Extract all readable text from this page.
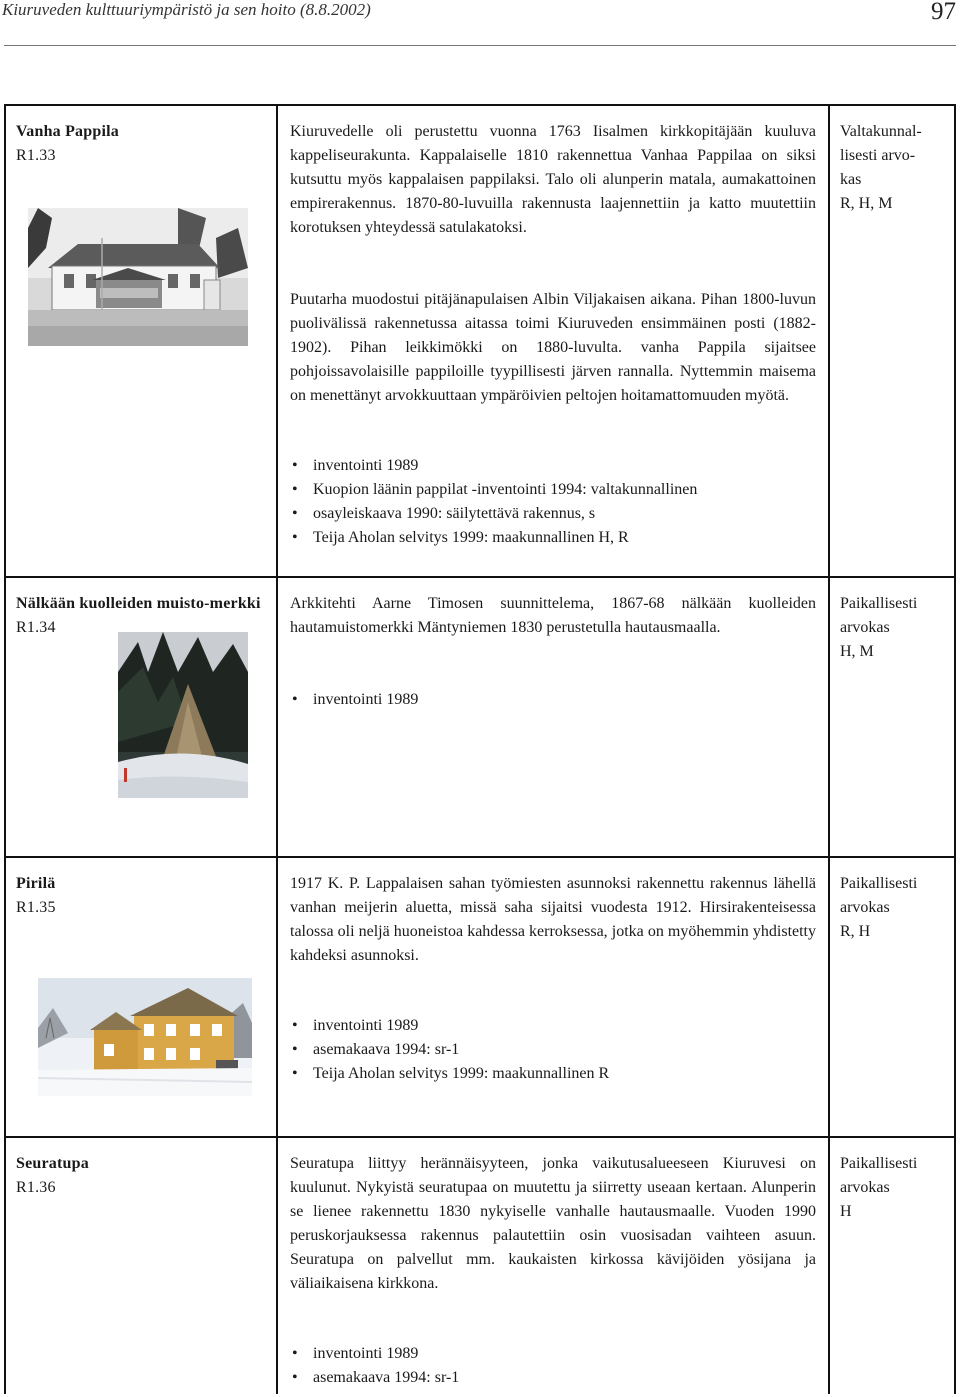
Kiuruveden kulttuuriympäristö ja sen hoito (8.8.2002)	97
Vanha Pappila
R1.33
Kiuruvedelle oli perustettu vuonna 1763 Iisalmen kirkkopitäjään kuuluva kappeliseurakunta. Kappalaiselle 1810 rakennettua Vanhaa Pappilaa on siksi kutsuttu myös kappalaisen pappilaksi. Talo oli alunperin matala, aumakattoinen empirerakennus. 1870-80-luvuilla rakennusta laajennettiin ja katto muutettiin korotuksen yhteydessä satulakatoksi.
Puutarha muodostui pitäjänapulaisen Albin Viljakaisen aikana. Pihan 1800-luvun puolivälissä rakennetussa aitassa toimi Kiuruveden ensimmäinen posti (1882-1902). Pihan leikkimökki on 1880-luvulta. vanha Pappila sijaitsee pohjoissavolaisille pappiloille tyypillisesti järven rannalla. Nyttemmin maisema on menettänyt arvokkuuttaan ympäröivien peltojen hoitamattomuuden myötä.
• inventointi 1989
• Kuopion läänin pappilat -inventointi 1994: valtakunnallinen
• osayleiskaava 1990: säilytettävä rakennus, s
• Teija Aholan selvitys 1999: maakunnallinen H, R
Valtakunnal-
lisesti arvo-
kas
R, H, M
Nälkään kuolleiden muisto-merkki
R1.34
Arkkitehti Aarne Timosen suunnittelema, 1867-68 nälkään kuolleiden hautamuistomerkki Mäntyniemen 1830 perustetulla hautausmaalla.
• inventointi 1989
Paikallisesti
arvokas
H, M
Pirilä
R1.35
1917 K. P. Lappalaisen sahan työmiesten asunnoksi rakennettu rakennus lähellä vanhan meijerin aluetta, missä saha sijaitsi vuodesta 1912. Hirsirakenteisessa talossa oli neljä huoneistoa kahdessa kerroksessa, jotka on myöhemmin yhdistetty kahdeksi asunnoksi.
• inventointi 1989
• asemakaava 1994: sr-1
• Teija Aholan selvitys 1999: maakunnallinen R
Paikallisesti
arvokas
R, H
Seuratupa
R1.36
Seuratupa liittyy herännäisyyteen, jonka vaikutusalueeseen Kiuruvesi on kuulunut. Nykyistä seuratupaa on muutettu ja siirretty useaan kertaan. Alunperin se lienee rakennettu 1830 nykyiselle vanhalle hautausmaalle. Vuoden 1990 peruskorjauksessa rakennus palautettiin osin vuosisadan vaihteen asuun. Seuratupa on palvellut mm. kaukaisten kirkossa kävijöiden yösijana ja väliaikaisena kirkkona.
• inventointi 1989
• asemakaava 1994: sr-1
Paikallisesti
arvokas
H
